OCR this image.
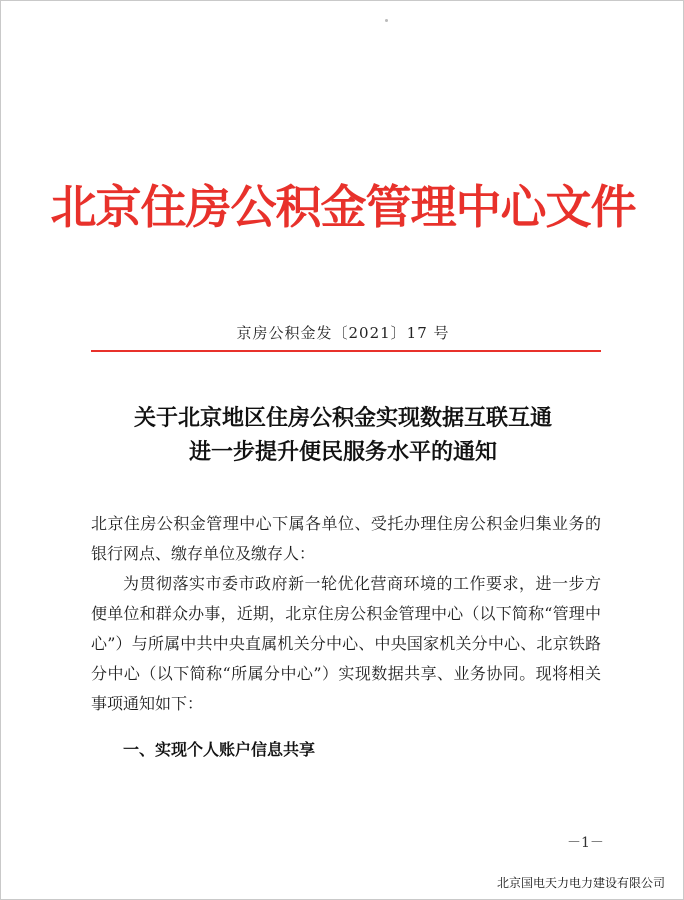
北京住房公积金管理中心文件
京房公积金发〔2021〕17 号
关于北京地区住房公积金实现数据互联互通
进一步提升便民服务水平的通知

北京住房公积金管理中心下属各单位、受托办理住房公积金归集业务的银行网点、缴存单位及缴存人：

为贯彻落实市委市政府新一轮优化营商环境的工作要求，进一步方便单位和群众办事，近期，北京住房公积金管理中心（以下简称“管理中心”）与所属中共中央直属机关分中心、中央国家机关分中心、北京铁路分中心（以下简称“所属分中心”）实现数据共享、业务协同。现将相关事项通知如下：

一、实现个人账户信息共享
－1－
北京国电天力电力建设有限公司
